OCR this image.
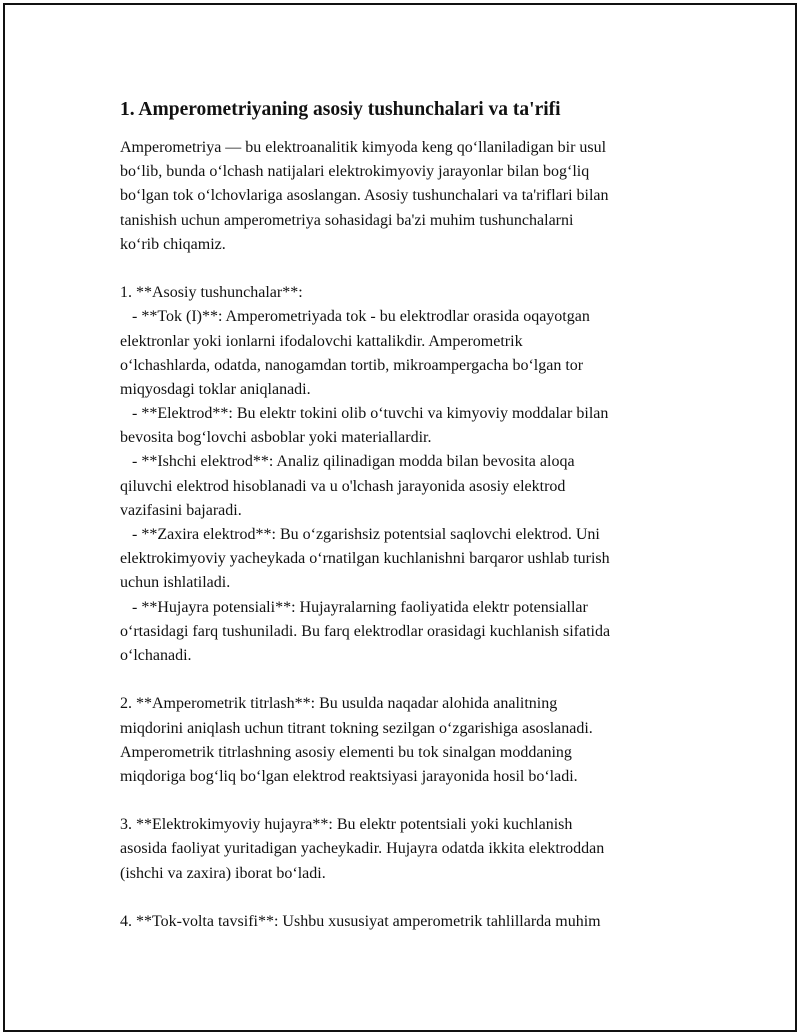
1. Amperometriyaning asosiy tushunchalari va ta'rifi
Amperometriya — bu elektroanalitik kimyoda keng qoʻllaniladigan bir usul
boʻlib, bunda oʻlchash natijalari elektrokimyoviy jarayonlar bilan bogʻliq
boʻlgan tok oʻlchovlariga asoslangan. Asosiy tushunchalari va ta'riflari bilan
tanishish uchun amperometriya sohasidagi ba'zi muhim tushunchalarni
koʻrib chiqamiz.
1. **Asosiy tushunchalar**:
- **Tok (I)**: Amperometriyada tok - bu elektrodlar orasida oqayotgan
elektronlar yoki ionlarni ifodalovchi kattalikdir. Amperometrik
oʻlchashlarda, odatda, nanogamdan tortib, mikroampergacha boʻlgan tor
miqyosdagi toklar aniqlanadi.
- **Elektrod**: Bu elektr tokini olib oʻtuvchi va kimyoviy moddalar bilan
bevosita bogʻlovchi asboblar yoki materiallardir.
- **Ishchi elektrod**: Analiz qilinadigan modda bilan bevosita aloqa
qiluvchi elektrod hisoblanadi va u o'lchash jarayonida asosiy elektrod
vazifasini bajaradi.
- **Zaxira elektrod**: Bu oʻzgarishsiz potentsial saqlovchi elektrod. Uni
elektrokimyoviy yacheykada oʻrnatilgan kuchlanishni barqaror ushlab turish
uchun ishlatiladi.
- **Hujayra potensiali**: Hujayralarning faoliyatida elektr potensiallar
oʻrtasidagi farq tushuniladi. Bu farq elektrodlar orasidagi kuchlanish sifatida
oʻlchanadi.
2. **Amperometrik titrlash**: Bu usulda naqadar alohida analitning
miqdorini aniqlash uchun titrant tokning sezilgan oʻzgarishiga asoslanadi.
Amperometrik titrlashning asosiy elementi bu tok sinalgan moddaning
miqdoriga bogʻliq boʻlgan elektrod reaktsiyasi jarayonida hosil boʻladi.
3. **Elektrokimyoviy hujayra**: Bu elektr potentsiali yoki kuchlanish
asosida faoliyat yuritadigan yacheykadir. Hujayra odatda ikkita elektroddan
(ishchi va zaxira) iborat boʻladi.
4. **Tok-volta tavsifi**: Ushbu xususiyat amperometrik tahlillarda muhim
